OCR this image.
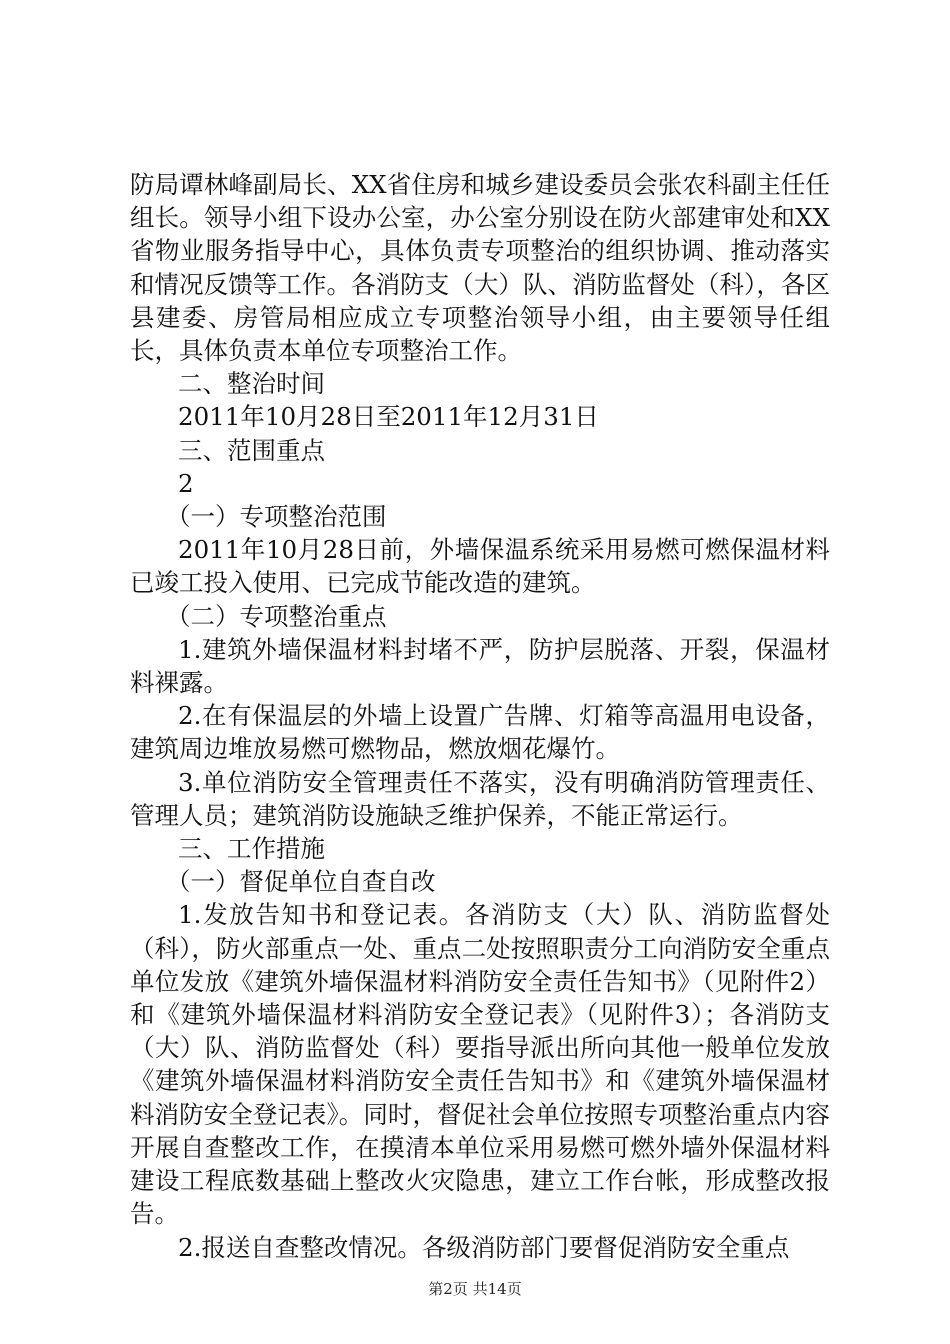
防局谭林峰副局长、XX省住房和城乡建设委员会张农科副主任任组长。领导小组下设办公室，办公室分别设在防火部建审处和XX省物业服务指导中心，具体负责专项整治的组织协调、推动落实和情况反馈等工作。各消防支（大）队、消防监督处（科），各区县建委、房管局相应成立专项整治领导小组，由主要领导任组长，具体负责本单位专项整治工作。

二、整治时间

2011年10月28日至2011年12月31日

三、范围重点

2

（一）专项整治范围

2011年10月28日前，外墙保温系统采用易燃可燃保温材料已竣工投入使用、已完成节能改造的建筑。

（二）专项整治重点

1.建筑外墙保温材料封堵不严，防护层脱落、开裂，保温材料裸露。

2.在有保温层的外墙上设置广告牌、灯箱等高温用电设备，建筑周边堆放易燃可燃物品，燃放烟花爆竹。

3.单位消防安全管理责任不落实，没有明确消防管理责任、管理人员；建筑消防设施缺乏维护保养，不能正常运行。

三、工作措施

（一）督促单位自查自改

1.发放告知书和登记表。各消防支（大）队、消防监督处（科），防火部重点一处、重点二处按照职责分工向消防安全重点单位发放《建筑外墙保温材料消防安全责任告知书》（见附件2）和《建筑外墙保温材料消防安全登记表》（见附件3）；各消防支（大）队、消防监督处（科）要指导派出所向其他一般单位发放《建筑外墙保温材料消防安全责任告知书》和《建筑外墙保温材料消防安全登记表》。同时，督促社会单位按照专项整治重点内容开展自查整改工作，在摸清本单位采用易燃可燃外墙外保温材料建设工程底数基础上整改火灾隐患，建立工作台帐，形成整改报告。

2.报送自查整改情况。各级消防部门要督促消防安全重点

第2页 共14页
